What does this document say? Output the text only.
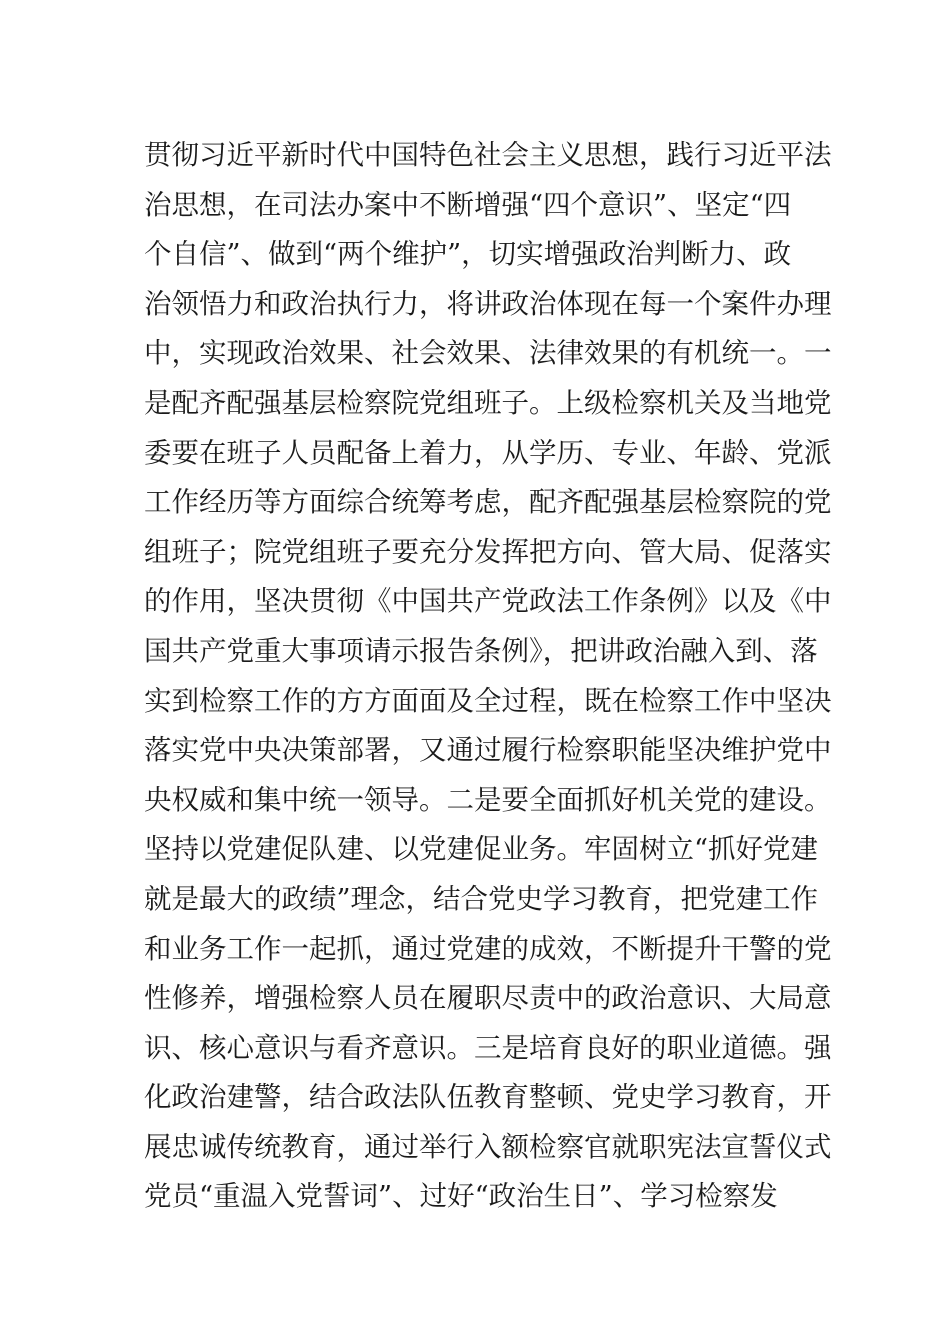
贯彻习近平新时代中国特色社会主义思想，践行习近平法
治思想，在司法办案中不断增强“四个意识”、坚定“四
个自信”、做到“两个维护”，切实增强政治判断力、政
治领悟力和政治执行力，将讲政治体现在每一个案件办理
中，实现政治效果、社会效果、法律效果的有机统一。一
是配齐配强基层检察院党组班子。上级检察机关及当地党
委要在班子人员配备上着力，从学历、专业、年龄、党派
工作经历等方面综合统筹考虑，配齐配强基层检察院的党
组班子；院党组班子要充分发挥把方向、管大局、促落实
的作用，坚决贯彻《中国共产党政法工作条例》以及《中
国共产党重大事项请示报告条例》，把讲政治融入到、落
实到检察工作的方方面面及全过程，既在检察工作中坚决
落实党中央决策部署，又通过履行检察职能坚决维护党中
央权威和集中统一领导。二是要全面抓好机关党的建设。
坚持以党建促队建、以党建促业务。牢固树立“抓好党建
就是最大的政绩”理念，结合党史学习教育，把党建工作
和业务工作一起抓，通过党建的成效，不断提升干警的党
性修养，增强检察人员在履职尽责中的政治意识、大局意
识、核心意识与看齐意识。三是培育良好的职业道德。强
化政治建警，结合政法队伍教育整顿、党史学习教育，开
展忠诚传统教育，通过举行入额检察官就职宪法宣誓仪式
党员“重温入党誓词”、过好“政治生日”、学习检察发
